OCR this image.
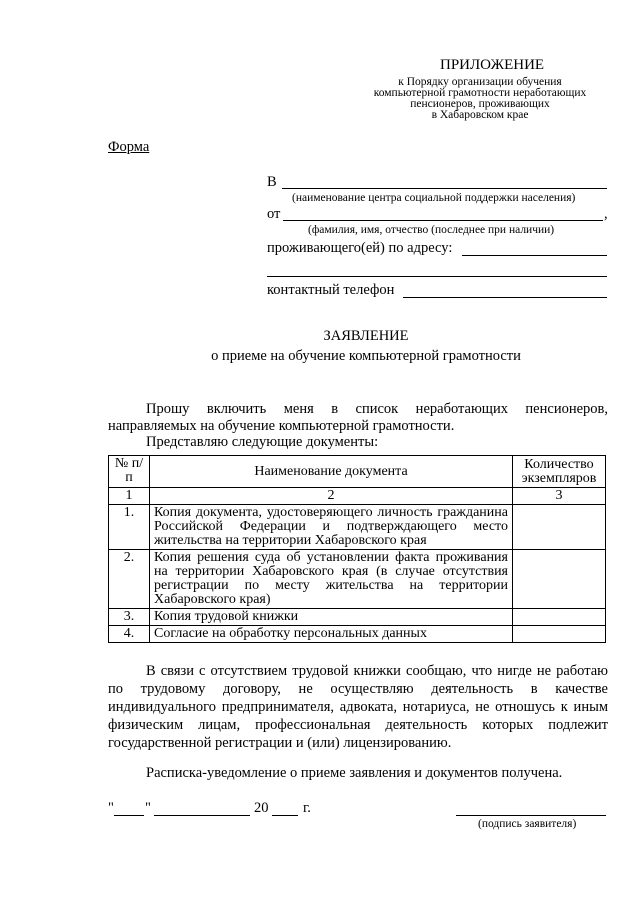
ПРИЛОЖЕНИЕ
к Порядку организации обучения
компьютерной грамотности неработающих
пенсионеров, проживающих
в Хабаровском крае
Форма
В
(наименование центра социальной поддержки населения)
от	,
(фамилия, имя, отчество (последнее при наличии)
проживающего(ей) по адресу:
контактный телефон
ЗАЯВЛЕНИЕ
о приеме на обучение компьютерной грамотности
Прошу включить меня в список неработающих пенсионеров, направляемых на обучение компьютерной грамотности.
Представляю следующие документы:
№ п/п	Наименование документа	Количество экземпляров
1	2	3
1.	Копия документа, удостоверяющего личность гражданина Российской Федерации и подтверждающего место жительства на территории Хабаровского края	
2.	Копия решения суда об установлении факта проживания на территории Хабаровского края (в случае отсутствия регистрации по месту жительства на территории Хабаровского края)	
3.	Копия трудовой книжки	
4.	Согласие на обработку персональных данных	
В связи с отсутствием трудовой книжки сообщаю, что нигде не работаю по трудовому договору, не осуществляю деятельность в качестве индивидуального предпринимателя, адвоката, нотариуса, не отношусь к иным физическим лицам, профессиональная деятельность которых подлежит государственной регистрации и (или) лицензированию.
Расписка-уведомление о приеме заявления и документов получена.
" "	20 г.
(подпись заявителя)
